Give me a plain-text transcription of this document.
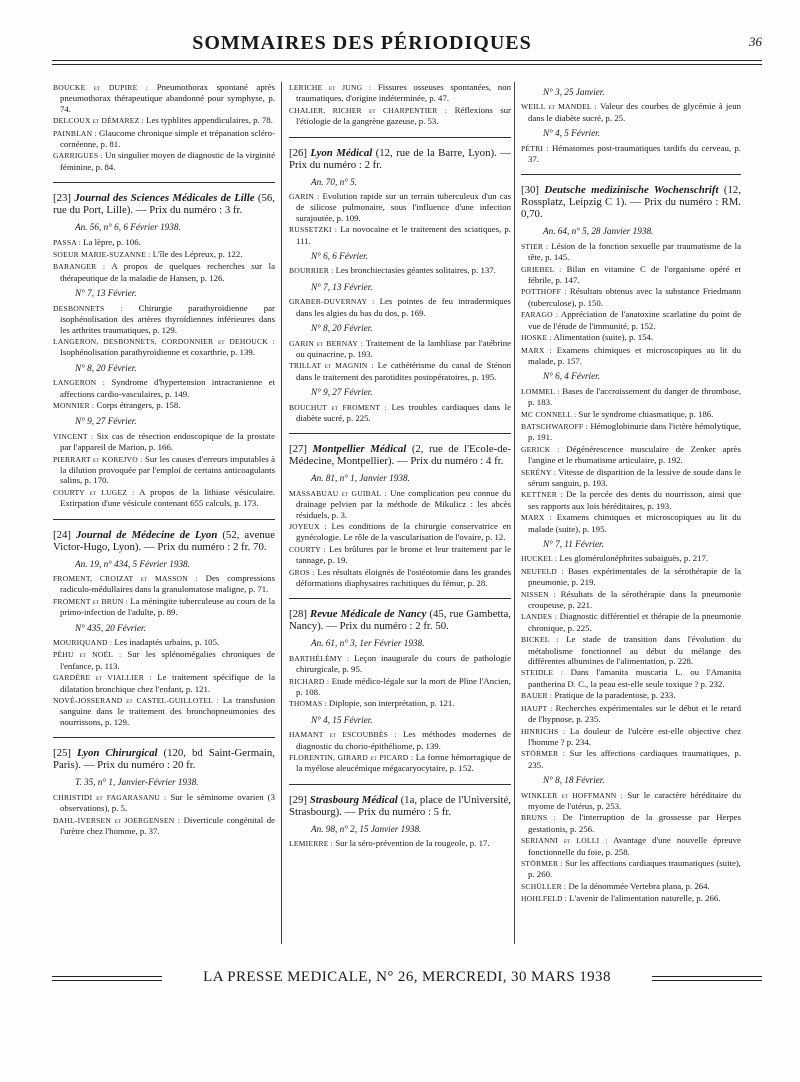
SOMMAIRES DES PÉRIODIQUES	36
BOUCKE et DUPIRE : Pneumothorax spontané après pneumothorax thérapeutique abandonné pour symphyse, p. 74.
DELCOUX et DÉMAREZ : Les typhlites appendiculaires, p. 78.
PAINBLAN : Glaucome chronique simple et trépanation scléro-cornéenne, p. 81.
GARRIGUES : Un singulier moyen de diagnostic de la virginité féminine, p. 84.
[23] Journal des Sciences Médicales de Lille (56, rue du Port, Lille). — Prix du numéro : 3 fr.
An. 56, n° 6, 6 Février 1938.
PASSA : La lèpre, p. 106.
SOEUR MARIE-SUZANNE : L'île des Lépreux, p. 122.
BARANGER : A propos de quelques recherches sur la thérapeutique de la maladie de Hansen, p. 126.
N° 7, 13 Février.
DESBONNETS : Chirurgie parathyroïdienne par isophénolisation des artères thyroïdiennes inférieures dans les arthrites traumatiques, p. 129.
LANGERON, DESBONNETS, CORDONNIER et DEHOUCK : Isophénolisation parathyroïdienne et coxarthrie, p. 139.
N° 8, 20 Février.
LANGERON : Syndrome d'hypertension intracranienne et affections cardio-vasculaires, p. 149.
MONNIER : Corps étrangers, p. 158.
N° 9, 27 Février.
VINCENT : Six cas de résection endoscopique de la prostate par l'appareil de Marion, p. 166.
PIERRART et KOREJVO : Sur les causes d'erreurs imputables à la dilution provoquée par l'emploi de certains anticoagulants salins, p. 170.
COURTY et LUGEZ : A propos de la lithiase vésiculaire. Extirpation d'une vésicule contenant 655 calculs, p. 173.
[24] Journal de Médecine de Lyon (52, avenue Victor-Hugo, Lyon). — Prix du numéro : 2 fr. 70.
An. 19, n° 434, 5 Février 1938.
FROMENT, CROIZAT et MASSON : Des compressions radiculo-médullaires dans la granulomatose maligne, p. 71.
FROMENT et BRUN : La méningite tuberculeuse au cours de la primo-infection de l'adulte, p. 89.
N° 435, 20 Février.
MOURIQUAND : Les inadaptés urbains, p. 105.
PÉHU et NOËL : Sur les splénomégalies chroniques de l'enfance, p. 113.
GARDÈRE et VIALLIER : Le traitement spécifique de la dilatation bronchique chez l'enfant, p. 121.
NOVÉ-JOSSERAND et CASTEL-GUILLOTEL : La transfusion sanguine dans le traitement des bronchopneumonies des nourrissons, p. 129.
[25] Lyon Chirurgical (120, bd Saint-Germain, Paris). — Prix du numéro : 20 fr.
T. 35, n° 1, Janvier-Février 1938.
CHRISTIDI et FAGARASANU : Sur le séminome ovarien (3 observations), p. 5.
DAHL-IVERSEN et JOERGENSEN : Diverticule congénital de l'urètre chez l'homme, p. 37.
LERICHE et JUNG : Fissures osseuses spontanées, non traumatiques, d'origine indéterminée, p. 47.
CHALIER, RICHER et CHARPENTIER : Réflexions sur l'étiologie de la gangrène gazeuse, p. 53.
[26] Lyon Médical (12, rue de la Barre, Lyon). — Prix du numéro : 2 fr.
An. 70, n° 5.
GARIN : Evolution rapide sur un terrain tuberculeux d'un cas de silicose pulmonaire, sous l'influence d'une infection surajoutée, p. 109.
RUSSETZKI : La novocaïne et le traitement des sciatiques, p. 111.
N° 6, 6 Février.
BOURRIER : Les bronchiectasies géantes solitaires, p. 137.
N° 7, 13 Février.
GRABER-DUVERNAY : Les pointes de feu intradermiques dans les algies du bas du dos, p. 169.
N° 8, 20 Février.
GARIN et BERNAY : Traitement de la lambliase par l'atébrine ou quinacrine, p. 193.
TRILLAT et MAGNIN : Le cathétérisme du canal de Sténon dans le traitement des parotidites postopératoires, p. 195.
N° 9, 27 Février.
BOUCHUT et FROMENT : Les troubles cardiaques dans le diabète sucré, p. 225.
[27] Montpellier Médical (2, rue de l'Ecole-de-Médecine, Montpellier). — Prix du numéro : 4 fr.
An. 81, n° 1, Janvier 1938.
MASSABUAU et GUIBAL : Une complication peu connue du drainage pelvien par la méthode de Mikulicz : les abcès résiduels, p. 3.
JOYEUX : Les conditions de la chirurgie conservatrice en gynécologie. Le rôle de la vascularisation de l'ovaire, p. 12.
COURTY : Les brûlures par le brome et leur traitement par le tannage, p. 19.
GROS : Les résultats éloignés de l'ostéotomie dans les grandes déformations diaphysaires rachitiques du fémur, p. 28.
[28] Revue Médicale de Nancy (45, rue Gambetta, Nancy). — Prix du numéro : 2 fr. 50.
An. 61, n° 3, 1er Février 1938.
BARTHÉLÉMY : Leçon inaugurale du cours de pathologie chirurgicale, p. 95.
RICHARD : Etude médico-légale sur la mort de Pline l'Ancien, p. 108.
THOMAS : Diplopie, son interprétation, p. 121.
N° 4, 15 Février.
HAMANT et ESCOUBBÈS : Les méthodes modernes de diagnostic du chorio-épithéliome, p. 139.
FLORENTIN, GIRARD et PICARD : La forme hémorragique de la myélose aleucémique mégacaryocytaire, p. 152.
[29] Strasbourg Médical (1a, place de l'Université, Strasbourg). — Prix du numéro : 5 fr.
An. 98, n° 2, 15 Janvier 1938.
LEMIERRE : Sur la séro-prévention de la rougeole, p. 17.
N° 3, 25 Janvier.
WEILL et MANDEL : Valeur des courbes de glycémie à jeun dans le diabète sucré, p. 25.
N° 4, 5 Février.
PÉTRI : Hématomes post-traumatiques tardifs du cerveau, p. 37.
[30] Deutsche medizinische Wochenschrift (12, Rossplatz, Leipzig C 1). — Prix du numéro : RM. 0,70.
An. 64, n° 5, 28 Janvier 1938.
STIER : Lésion de la fonction sexuelle par traumatisme de la tête, p. 145.
GRIEBEL : Bilan en vitamine C de l'organisme opéré et fébrile, p. 147.
POTTHOFF : Résultats obtenus avec la substance Friedmann (tuberculose), p. 150.
FARAGO : Appréciation de l'anatoxine scarlatine du point de vue de l'étude de l'immunité, p. 152.
HOSKE : Alimentation (suite), p. 154.
MARX : Examens chimiques et microscopiques au lit du malade, p. 157.
N° 6, 4 Février.
LOMMEL : Bases de l'accroissement du danger de thrombose, p. 183.
MC CONNELL : Sur le syndrome chiasmatique, p. 186.
BATSCHWAROFF : Hémoglobinurie dans l'ictère hémolytique, p. 191.
GERICK : Dégénérescence musculaire de Zenker après l'angine et le rhumatisme articulaire, p. 192.
SERÉNY : Vitesse de disparition de la lessive de soude dans le sérum sanguin, p. 193.
KETTNER : De la percée des dents du nourrisson, ainsi que ses rapports aux lois héréditaires, p. 193.
MARX : Examens chimiques et microscopiques au lit du malade (suite), p. 195.
N° 7, 11 Février.
HUCKEL : Les glomérulonéphrites subaiguës, p. 217.
NEUFELD : Bases expérimentales de la sérothérapie de la pneumonie, p. 219.
NISSEN : Résultats de la sérothérapie dans la pneumonie croupeuse, p. 221.
LANDES : Diagnostic différentiel et thérapie de la pneumonie chronique, p. 225.
BICKEL : Le stade de transition dans l'évolution du métabolisme fonctionnel au début du mélange des différentes albumines de l'alimentation, p. 228.
STEIDLE : Dans l'amanita muscaria L. ou l'Amanita pantherina D. C., la peau est-elle seule toxique ? p. 232.
BAUER : Pratique de la paradentose, p. 233.
HAUPT : Recherches expérimentales sur le début et le retard de l'hypnose, p. 235.
HINRICHS : La douleur de l'ulcère est-elle objective chez l'homme ? p. 234.
STÖRMER : Sur les affections cardiaques traumatiques, p. 235.
N° 8, 18 Février.
WINKLER et HOFFMANN : Sur le caractère héréditaire du myome de l'utérus, p. 253.
BRUNS : De l'interruption de la grossesse par Herpes gestationis, p. 256.
SERIANNI et LOLLI : Avantage d'une nouvelle épreuve fonctionnelle du foie, p. 258.
STÖRMER : Sur les affections cardiaques traumatiques (suite), p. 260.
SCHÜLLER : De la dénommée Vertebra plana, p. 264.
HOHLFELD : L'avenir de l'alimentation naturelle, p. 266.
LA PRESSE MEDICALE, N° 26, MERCREDI, 30 MARS 1938
